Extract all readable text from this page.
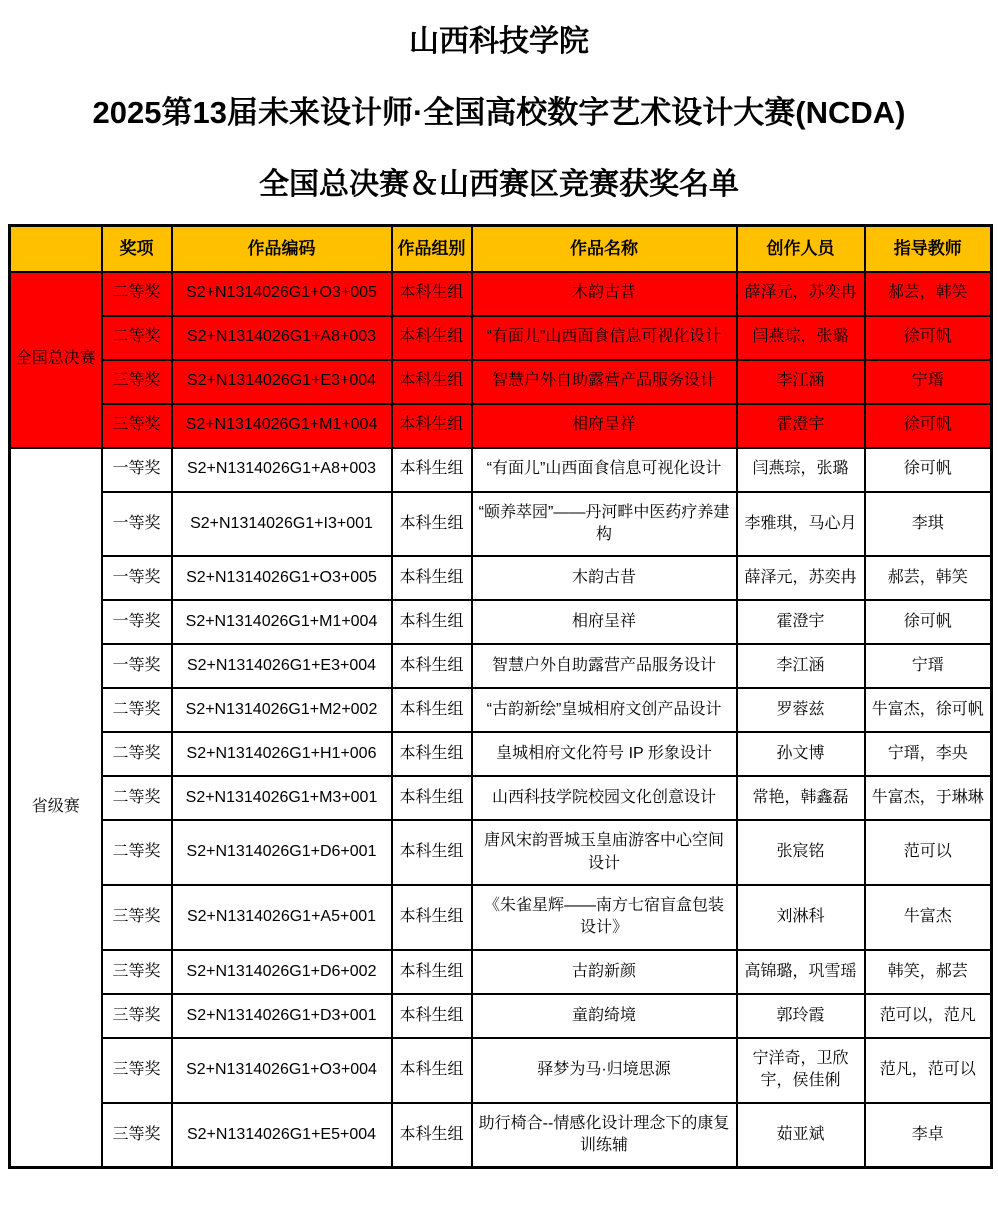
山西科技学院
2025第13届未来设计师·全国高校数字艺术设计大赛(NCDA)
全国总决赛＆山西赛区竞赛获奖名单
	奖项	作品编码	作品组别	作品名称	创作人员	指导教师
全国总决赛	二等奖	S2+N1314026G1+O3+005	本科生组	木韵古昔	薛泽元，苏奕冉	郝芸，韩笑
	二等奖	S2+N1314026G1+A8+003	本科生组	“有面儿”山西面食信息可视化设计	闫燕琮，张璐	徐可帆
	三等奖	S2+N1314026G1+E3+004	本科生组	智慧户外自助露营产品服务设计	李江涵	宁瑨
	三等奖	S2+N1314026G1+M1+004	本科生组	相府呈祥	霍澄宇	徐可帆
省级赛	一等奖	S2+N1314026G1+A8+003	本科生组	“有面儿”山西面食信息可视化设计	闫燕琮，张璐	徐可帆
	一等奖	S2+N1314026G1+I3+001	本科生组	“颐养萃园”——丹河畔中医药疗养建构	李雅琪，马心月	李琪
	一等奖	S2+N1314026G1+O3+005	本科生组	木韵古昔	薛泽元，苏奕冉	郝芸，韩笑
	一等奖	S2+N1314026G1+M1+004	本科生组	相府呈祥	霍澄宇	徐可帆
	一等奖	S2+N1314026G1+E3+004	本科生组	智慧户外自助露营产品服务设计	李江涵	宁瑨
	二等奖	S2+N1314026G1+M2+002	本科生组	“古韵新绘”皇城相府文创产品设计	罗蓉兹	牛富杰，徐可帆
	二等奖	S2+N1314026G1+H1+006	本科生组	皇城相府文化符号 IP 形象设计	孙文博	宁瑨，李央
	二等奖	S2+N1314026G1+M3+001	本科生组	山西科技学院校园文化创意设计	常艳，韩鑫磊	牛富杰，于琳琳
	二等奖	S2+N1314026G1+D6+001	本科生组	唐风宋韵晋城玉皇庙游客中心空间设计	张宸铭	范可以
	三等奖	S2+N1314026G1+A5+001	本科生组	《朱雀星辉——南方七宿盲盒包装设计》	刘淋科	牛富杰
	三等奖	S2+N1314026G1+D6+002	本科生组	古韵新颜	高锦璐，巩雪瑶	韩笑，郝芸
	三等奖	S2+N1314026G1+D3+001	本科生组	童韵绮境	郭玲霞	范可以，范凡
	三等奖	S2+N1314026G1+O3+004	本科生组	驿梦为马·归境思源	宁洋奇，卫欣宇，侯佳俐	范凡，范可以
	三等奖	S2+N1314026G1+E5+004	本科生组	助行椅合--情感化设计理念下的康复训练辅	茹亚斌	李卓
